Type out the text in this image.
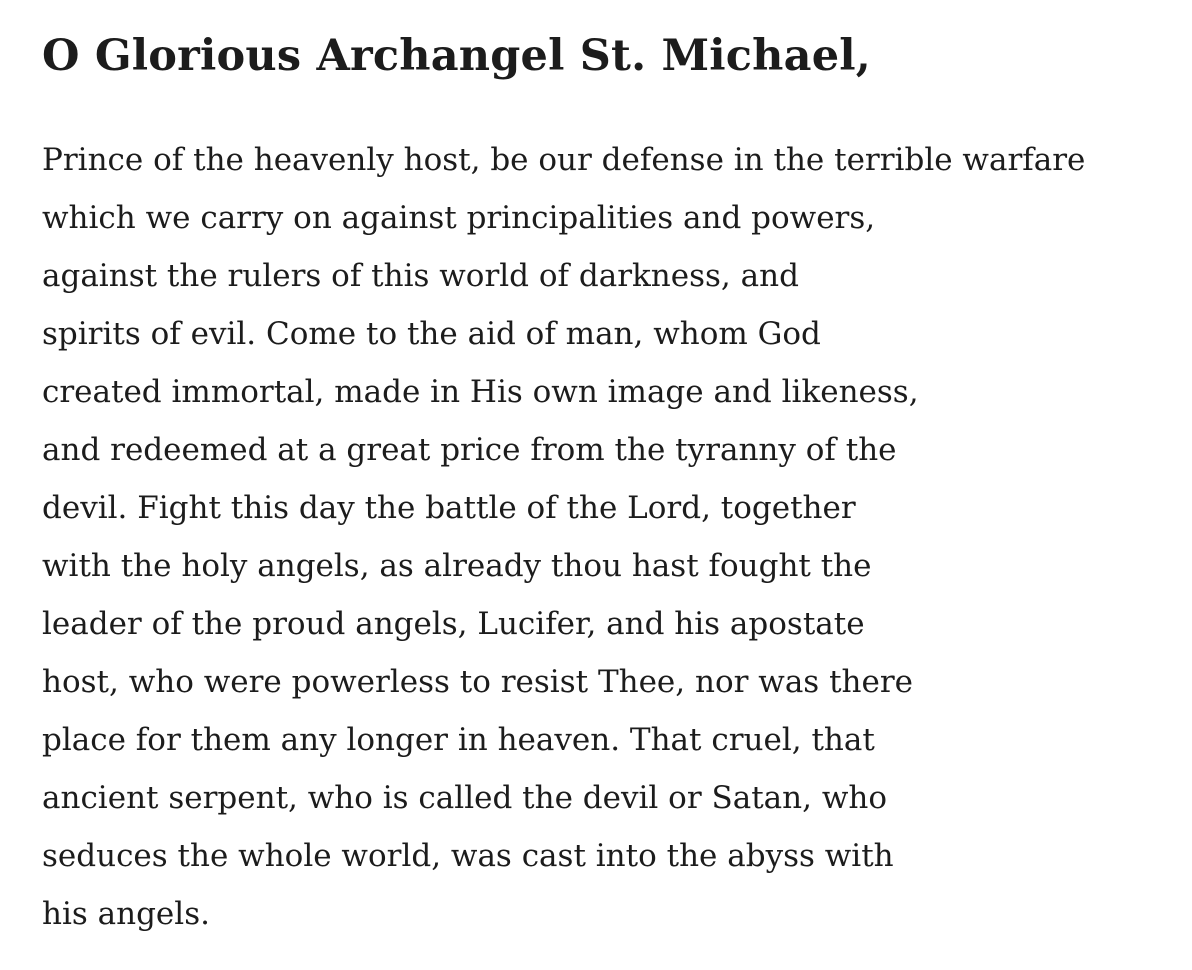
O Glorious Archangel St. Michael,
Prince of the heavenly host, be our defense in the terrible warfare
which we carry on against principalities and powers,
against the rulers of this world of darkness, and
spirits of evil. Come to the aid of man, whom God
created immortal, made in His own image and likeness,
and redeemed at a great price from the tyranny of the
devil. Fight this day the battle of the Lord, together
with the holy angels, as already thou hast fought the
leader of the proud angels, Lucifer, and his apostate
host, who were powerless to resist Thee, nor was there
place for them any longer in heaven. That cruel, that
ancient serpent, who is called the devil or Satan, who
seduces the whole world, was cast into the abyss with
his angels.
